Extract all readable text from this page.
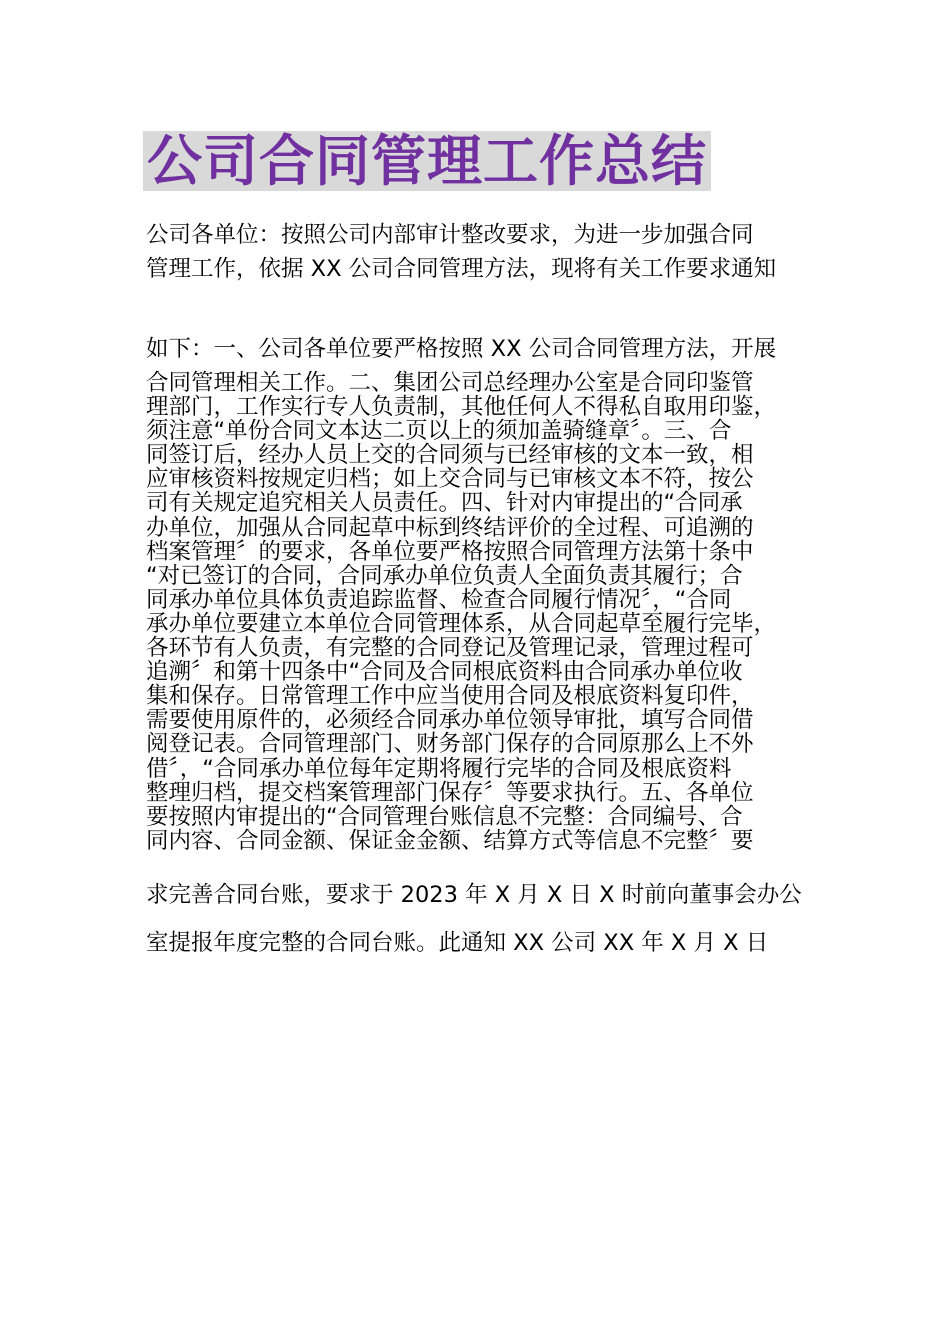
公司合同管理工作总结
公司各单位：按照公司内部审计整改要求，为进一步加强合同
管理工作，依据 XX 公司合同管理方法，现将有关工作要求通知
如下：一、公司各单位要严格按照 XX 公司合同管理方法，开展
合同管理相关工作。二、集团公司总经理办公室是合同印鉴管
理部门，工作实行专人负责制，其他任何人不得私自取用印鉴，
须注意“单份合同文本达二页以上的须加盖骑缝章〞。三、合
同签订后，经办人员上交的合同须与已经审核的文本一致，相
应审核资料按规定归档；如上交合同与已审核文本不符，按公
司有关规定追究相关人员责任。四、针对内审提出的“合同承
办单位，加强从合同起草中标到终结评价的全过程、可追溯的
档案管理〞的要求，各单位要严格按照合同管理方法第十条中
“对已签订的合同，合同承办单位负责人全面负责其履行；合
同承办单位具体负责追踪监督、检查合同履行情况〞，“合同
承办单位要建立本单位合同管理体系，从合同起草至履行完毕，
各环节有人负责，有完整的合同登记及管理记录，管理过程可
追溯〞和第十四条中“合同及合同根底资料由合同承办单位收
集和保存。日常管理工作中应当使用合同及根底资料复印件，
需要使用原件的，必须经合同承办单位领导审批，填写合同借
阅登记表。合同管理部门、财务部门保存的合同原那么上不外
借〞，“合同承办单位每年定期将履行完毕的合同及根底资料
整理归档，提交档案管理部门保存〞等要求执行。五、各单位
要按照内审提出的“合同管理台账信息不完整：合同编号、合
同内容、合同金额、保证金金额、结算方式等信息不完整〞要
求完善合同台账，要求于 2023 年 X 月 X 日 X 时前向董事会办公
室提报年度完整的合同台账。此通知 XX 公司 XX 年 X 月 X 日
